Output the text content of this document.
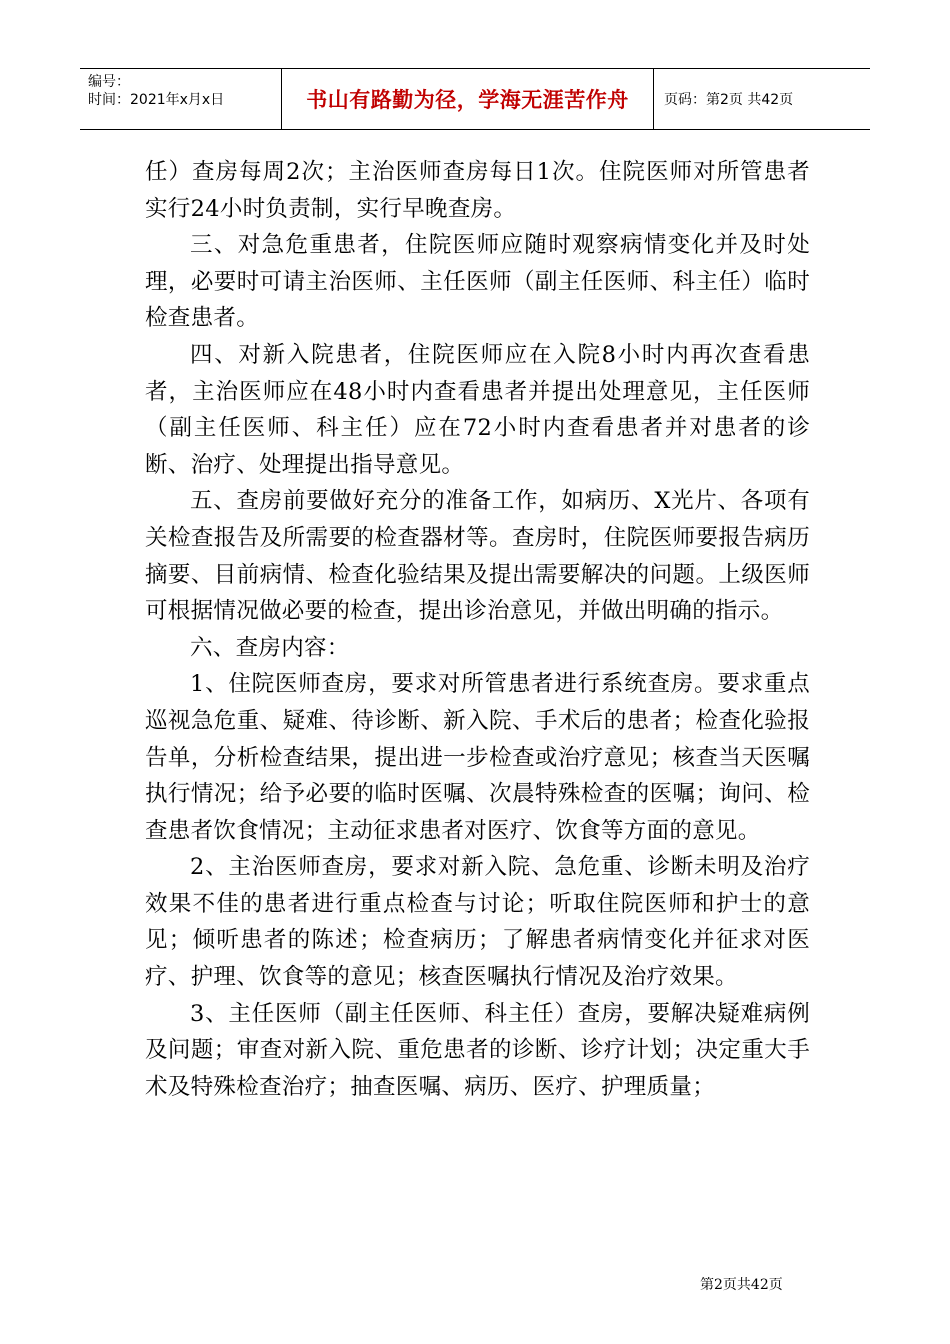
编号：
时间：2021年x月x日	书山有路勤为径，学海无涯苦作舟	页码：第2页 共42页

任）查房每周2次；主治医师查房每日1次。住院医师对所管患者实行24小时负责制，实行早晚查房。

三、对急危重患者，住院医师应随时观察病情变化并及时处理，必要时可请主治医师、主任医师（副主任医师、科主任）临时检查患者。

四、对新入院患者，住院医师应在入院8小时内再次查看患者，主治医师应在48小时内查看患者并提出处理意见，主任医师（副主任医师、科主任）应在72小时内查看患者并对患者的诊断、治疗、处理提出指导意见。

五、查房前要做好充分的准备工作，如病历、X光片、各项有关检查报告及所需要的检查器材等。查房时，住院医师要报告病历摘要、目前病情、检查化验结果及提出需要解决的问题。上级医师可根据情况做必要的检查，提出诊治意见，并做出明确的指示。

六、查房内容：

1、住院医师查房，要求对所管患者进行系统查房。要求重点巡视急危重、疑难、待诊断、新入院、手术后的患者；检查化验报告单，分析检查结果，提出进一步检查或治疗意见；核查当天医嘱执行情况；给予必要的临时医嘱、次晨特殊检查的医嘱；询问、检查患者饮食情况；主动征求患者对医疗、饮食等方面的意见。

2、主治医师查房，要求对新入院、急危重、诊断未明及治疗效果不佳的患者进行重点检查与讨论；听取住院医师和护士的意见；倾听患者的陈述；检查病历；了解患者病情变化并征求对医疗、护理、饮食等的意见；核查医嘱执行情况及治疗效果。

3、主任医师（副主任医师、科主任）查房，要解决疑难病例及问题；审查对新入院、重危患者的诊断、诊疗计划；决定重大手术及特殊检查治疗；抽查医嘱、病历、医疗、护理质量；

第2页共42页
